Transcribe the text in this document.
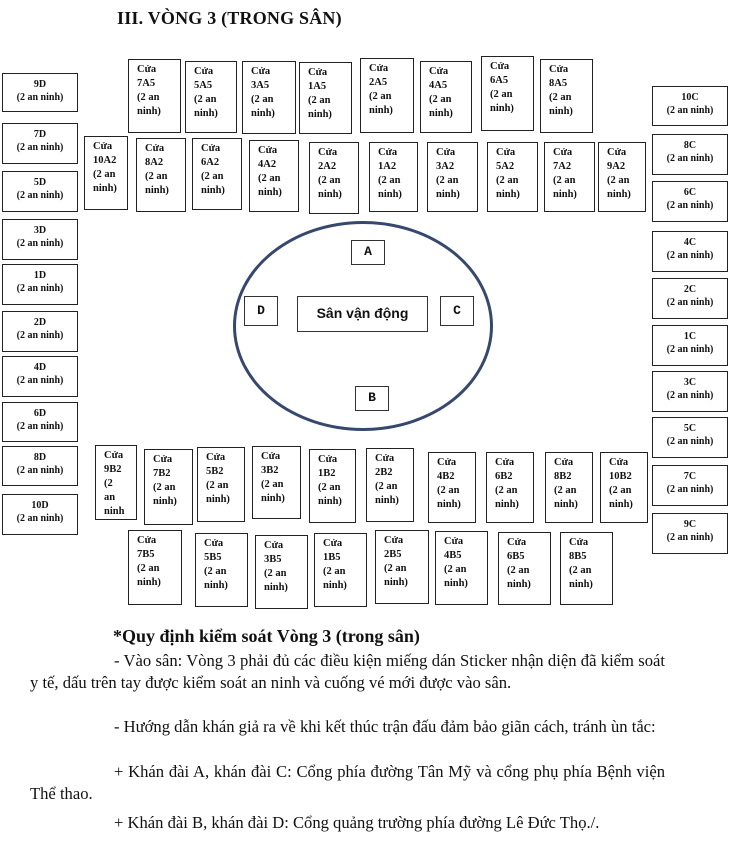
III. VÒNG 3 (TRONG SÂN)
Cửa
7A5
(2 an
ninh)
Cửa
5A5
(2 an
ninh)
Cửa
3A5
(2 an
ninh)
Cửa
1A5
(2 an
ninh)
Cửa
2A5
(2 an
ninh)
Cửa
4A5
(2 an
ninh)
Cửa
6A5
(2 an
ninh)
Cửa
8A5
(2 an
ninh)
Cửa
10A2
(2 an
ninh)
Cửa
8A2
(2 an
ninh)
Cửa
6A2
(2 an
ninh)
Cửa
4A2
(2 an
ninh)
Cửa
2A2
(2 an
ninh)
Cửa
1A2
(2 an
ninh)
Cửa
3A2
(2 an
ninh)
Cửa
5A2
(2 an
ninh)
Cửa
7A2
(2 an
ninh)
Cửa
9A2
(2 an
ninh)
Cửa
9B2
(2
an
ninh
Cửa
7B2
(2 an
ninh)
Cửa
5B2
(2 an
ninh)
Cửa
3B2
(2 an
ninh)
Cửa
1B2
(2 an
ninh)
Cửa
2B2
(2 an
ninh)
Cửa
4B2
(2 an
ninh)
Cửa
6B2
(2 an
ninh)
Cửa
8B2
(2 an
ninh)
Cửa
10B2
(2 an
ninh)
Cửa
7B5
(2 an
ninh)
Cửa
5B5
(2 an
ninh)
Cửa
3B5
(2 an
ninh)
Cửa
1B5
(2 an
ninh)
Cửa
2B5
(2 an
ninh)
Cửa
4B5
(2 an
ninh)
Cửa
6B5
(2 an
ninh)
Cửa
8B5
(2 an
ninh)
9D
(2 an ninh)
7D
(2 an ninh)
5D
(2 an ninh)
3D
(2 an ninh)
1D
(2 an ninh)
2D
(2 an ninh)
4D
(2 an ninh)
6D
(2 an ninh)
8D
(2 an ninh)
10D
(2 an ninh)
10C
(2 an ninh)
8C
(2 an ninh)
6C
(2 an ninh)
4C
(2 an ninh)
2C
(2 an ninh)
1C
(2 an ninh)
3C
(2 an ninh)
5C
(2 an ninh)
7C
(2 an ninh)
9C
(2 an ninh)
A
B
C
D	Sân vận động
*Quy định kiểm soát Vòng 3 (trong sân)
- Vào sân: Vòng 3 phải đủ các điều kiện miếng dán Sticker nhận diện đã kiểm soát y tế, dấu trên tay được kiểm soát an ninh và cuống vé mới được vào sân.
- Hướng dẫn khán giả ra về khi kết thúc trận đấu đảm bảo giãn cách, tránh ùn tắc:
+ Khán đài A, khán đài C: Cổng phía đường Tân Mỹ và cổng phụ phía Bệnh viện Thể thao.
+ Khán đài B, khán đài D: Cổng quảng trường phía đường Lê Đức Thọ./.
